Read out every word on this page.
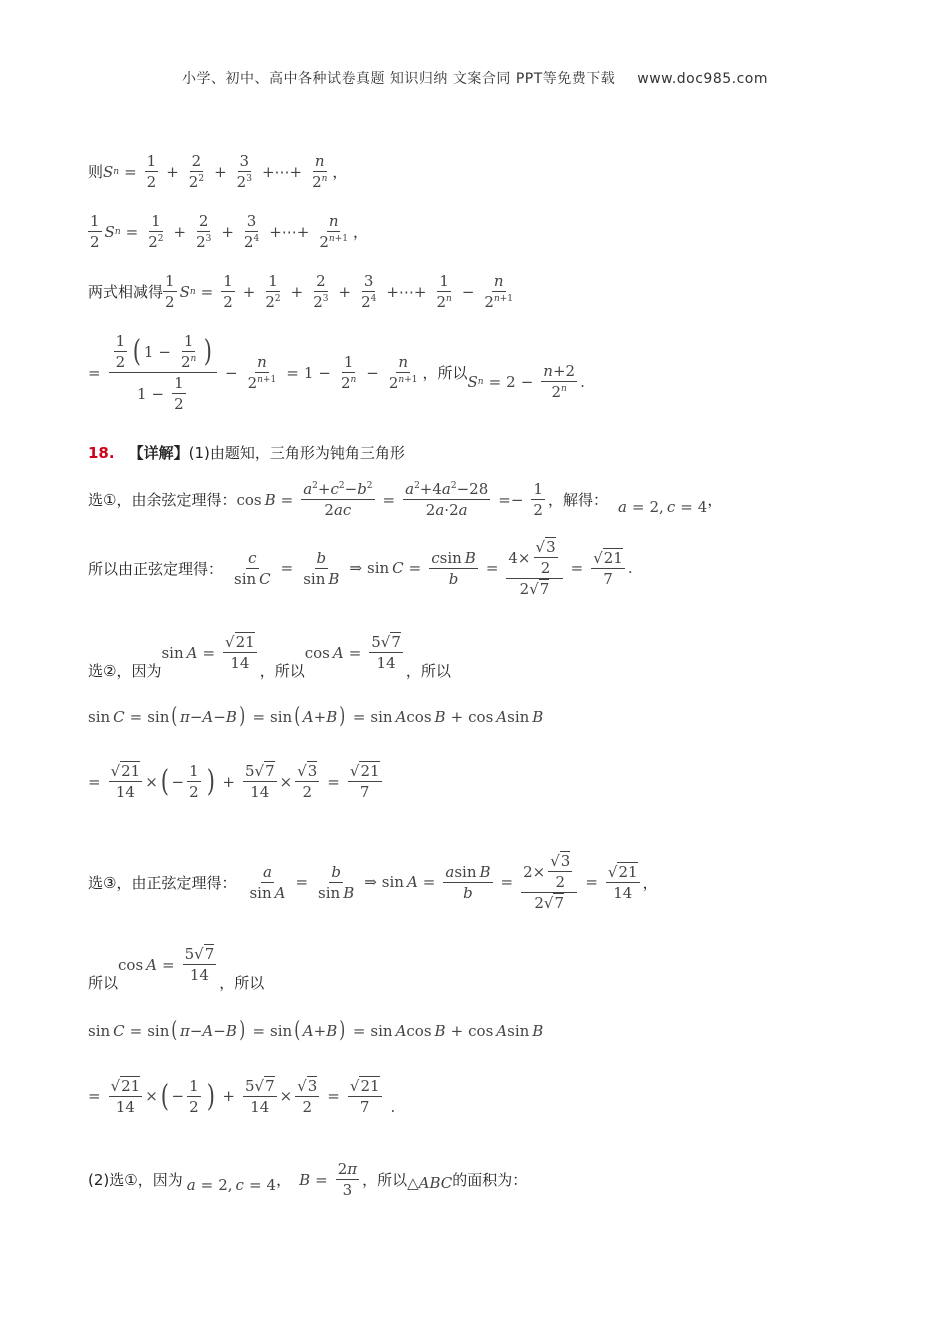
小学、初中、高中各种试卷真题 知识归纳 文案合同 PPT等免费下载 www.doc985.com
则 S $n = \frac{1}{2} + \frac{2}{2^2} + \frac{3}{2^3}$ +⋯+ $\frac{n}{2^n}$ ，
$\frac{1}{2}$ S $n = \frac{1}{2^2} + \frac{2}{2^3} + \frac{3}{2^4}$ +⋯+ $\frac{n}{2^{n+1}}$ ，
两式相减得 $\frac{1}{2}$ S $n = \frac{1}{2} + \frac{1}{2^2} + \frac{2}{2^3} + \frac{3}{2^4}$ +⋯+ $\frac{1}{2^n} - \frac{n}{2^{n+1}}$
= $\frac{\frac{1}{2} ( 1 - \frac{1}{2^n} )}{1 - \frac{1}{2}} - \frac{n}{2^{n+1}} = 1 - \frac{1}{2^n} - \frac{n}{2^{n+1}}$ ，所以 S $n = 2 - \frac{n+2}{2^n}$ .
18. 【详解】 (1)由题知，三角形为钝角三角形
选①，由余弦定理得： $\cos B = \frac{a^2+c^2-b^2}{2ac} = \frac{a^2+4a^2-28}{2a\cdot 2a} =- \frac{1}{2}$ ，解得： a = 2, c = 4 ，
所以由正弦定理得： $\frac{c}{\text{sin C}} = \frac{b}{\text{sin B}}$ ⇒ $\sin C = \frac{\text{csin B}}{b} = \frac{4\times \frac{√3}{2}}{2√7} = \frac{√21}{7}$ .
选②，因为
$\sin A = \frac{√21}{14}$ ，所以
$\cos A = \frac{5√7}{14}$ ，所以
sin C = sin ( π − A − B ) = sin ( A + B ) = sin A cos B + cos A sin B
= $\frac{√21}{14}$ × ( − $\frac{1}{2}$ ) + $\frac{5√7}{14} \times \frac{√3}{2} = \frac{√21}{7}$
选③，由正弦定理得： $\frac{a}{\text{sin A}} = \frac{b}{\text{sin B}}$ ⇒ $\sin A = \frac{\text{asin B}}{b} = \frac{2\times \frac{√3}{2}}{2√7} = \frac{√21}{14}$ ，
所以
$\cos A = \frac{5√7}{14}$ ，所以
sin C = sin ( π − A − B ) = sin ( A + B ) = sin A cos B + cos A sin B
= $\frac{√21}{14}$ × ( − $\frac{1}{2}$ ) + $\frac{5√7}{14} \times \frac{√3}{2} = \frac{√21}{7}$ .
(2)选①，因为 a = 2, c = 4 ， $B = \frac{2\pi}{3}$ ，所以 △ ABC 的面积为：
